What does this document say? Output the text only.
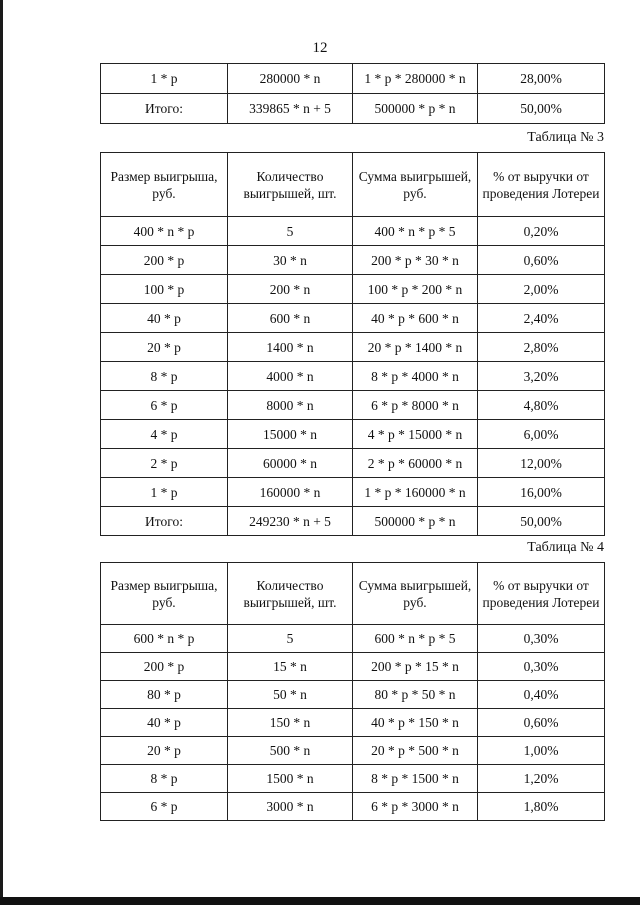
12
1 * p	280000 * n	1 * p * 280000 * n	28,00%
Итого:	339865 * n + 5	500000 * p * n	50,00%
Таблица № 3
Размер выигрыша, руб.	Количество выигрышей, шт.	Сумма выигрышей, руб.	% от выручки от проведения Лотереи
400 * n * p	5	400 * n * p * 5	0,20%
200 * p	30 * n	200 * p * 30 * n	0,60%
100 * p	200 * n	100 * p * 200 * n	2,00%
40 * p	600 * n	40 * p * 600 * n	2,40%
20 * p	1400 * n	20 * p * 1400 * n	2,80%
8 * p	4000 * n	8 * p * 4000 * n	3,20%
6 * p	8000 * n	6 * p * 8000 * n	4,80%
4 * p	15000 * n	4 * p * 15000 * n	6,00%
2 * p	60000 * n	2 * p * 60000 * n	12,00%
1 * p	160000 * n	1 * p * 160000 * n	16,00%
Итого:	249230 * n + 5	500000 * p * n	50,00%
Таблица № 4
Размер выигрыша, руб.	Количество выигрышей, шт.	Сумма выигрышей, руб.	% от выручки от проведения Лотереи
600 * n * p	5	600 * n * p * 5	0,30%
200 * p	15 * n	200 * p * 15 * n	0,30%
80 * p	50 * n	80 * p * 50 * n	0,40%
40 * p	150 * n	40 * p * 150 * n	0,60%
20 * p	500 * n	20 * p * 500 * n	1,00%
8 * p	1500 * n	8 * p * 1500 * n	1,20%
6 * p	3000 * n	6 * p * 3000 * n	1,80%
